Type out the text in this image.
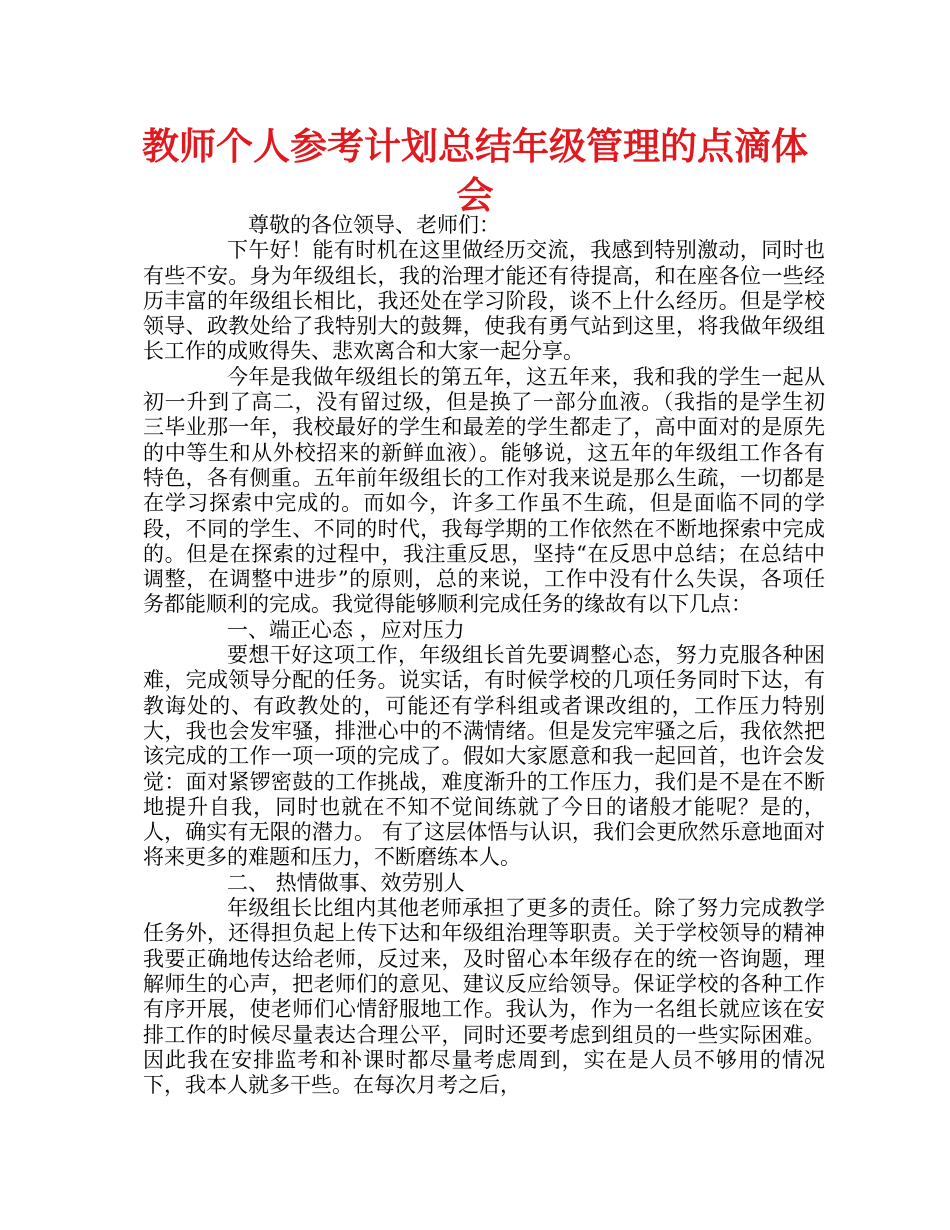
教师个人参考计划总结年级管理的点滴体会

尊敬的各位领导、老师们：

下午好！能有时机在这里做经历交流，我感到特别激动，同时也有些不安。身为年级组长，我的治理才能还有待提高，和在座各位一些经历丰富的年级组长相比，我还处在学习阶段，谈不上什么经历。但是学校领导、政教处给了我特别大的鼓舞，使我有勇气站到这里，将我做年级组长工作的成败得失、悲欢离合和大家一起分享。

今年是我做年级组长的第五年，这五年来，我和我的学生一起从初一升到了高二，没有留过级，但是换了一部分血液。（我指的是学生初三毕业那一年，我校最好的学生和最差的学生都走了，高中面对的是原先的中等生和从外校招来的新鲜血液）。能够说，这五年的年级组工作各有特色，各有侧重。五年前年级组长的工作对我来说是那么生疏，一切都是在学习探索中完成的。而如今，许多工作虽不生疏，但是面临不同的学段，不同的学生、不同的时代，我每学期的工作依然在不断地探索中完成的。但是在探索的过程中，我注重反思，坚持“在反思中总结；在总结中调整，在调整中进步”的原则，总的来说，工作中没有什么失误，各项任务都能顺利的完成。我觉得能够顺利完成任务的缘故有以下几点：

一、端正心态 ，应对压力

要想干好这项工作，年级组长首先要调整心态，努力克服各种困难，完成领导分配的任务。说实话，有时候学校的几项任务同时下达，有教诲处的、有政教处的，可能还有学科组或者课改组的，工作压力特别大，我也会发牢骚，排泄心中的不满情绪。但是发完牢骚之后，我依然把该完成的工作一项一项的完成了。假如大家愿意和我一起回首，也许会发觉：面对紧锣密鼓的工作挑战，难度渐升的工作压力，我们是不是在不断地提升自我，同时也就在不知不觉间练就了今日的诸般才能呢？是的，人，确实有无限的潜力。 有了这层体悟与认识，我们会更欣然乐意地面对将来更多的难题和压力，不断磨练本人。

二、 热情做事、效劳别人

年级组长比组内其他老师承担了更多的责任。除了努力完成教学任务外，还得担负起上传下达和年级组治理等职责。关于学校领导的精神我要正确地传达给老师，反过来，及时留心本年级存在的统一咨询题，理解师生的心声，把老师们的意见、建议反应给领导。保证学校的各种工作有序开展，使老师们心情舒服地工作。我认为，作为一名组长就应该在安排工作的时候尽量表达合理公平，同时还要考虑到组员的一些实际困难。因此我在安排监考和补课时都尽量考虑周到，实在是人员不够用的情况下，我本人就多干些。在每次月考之后，
